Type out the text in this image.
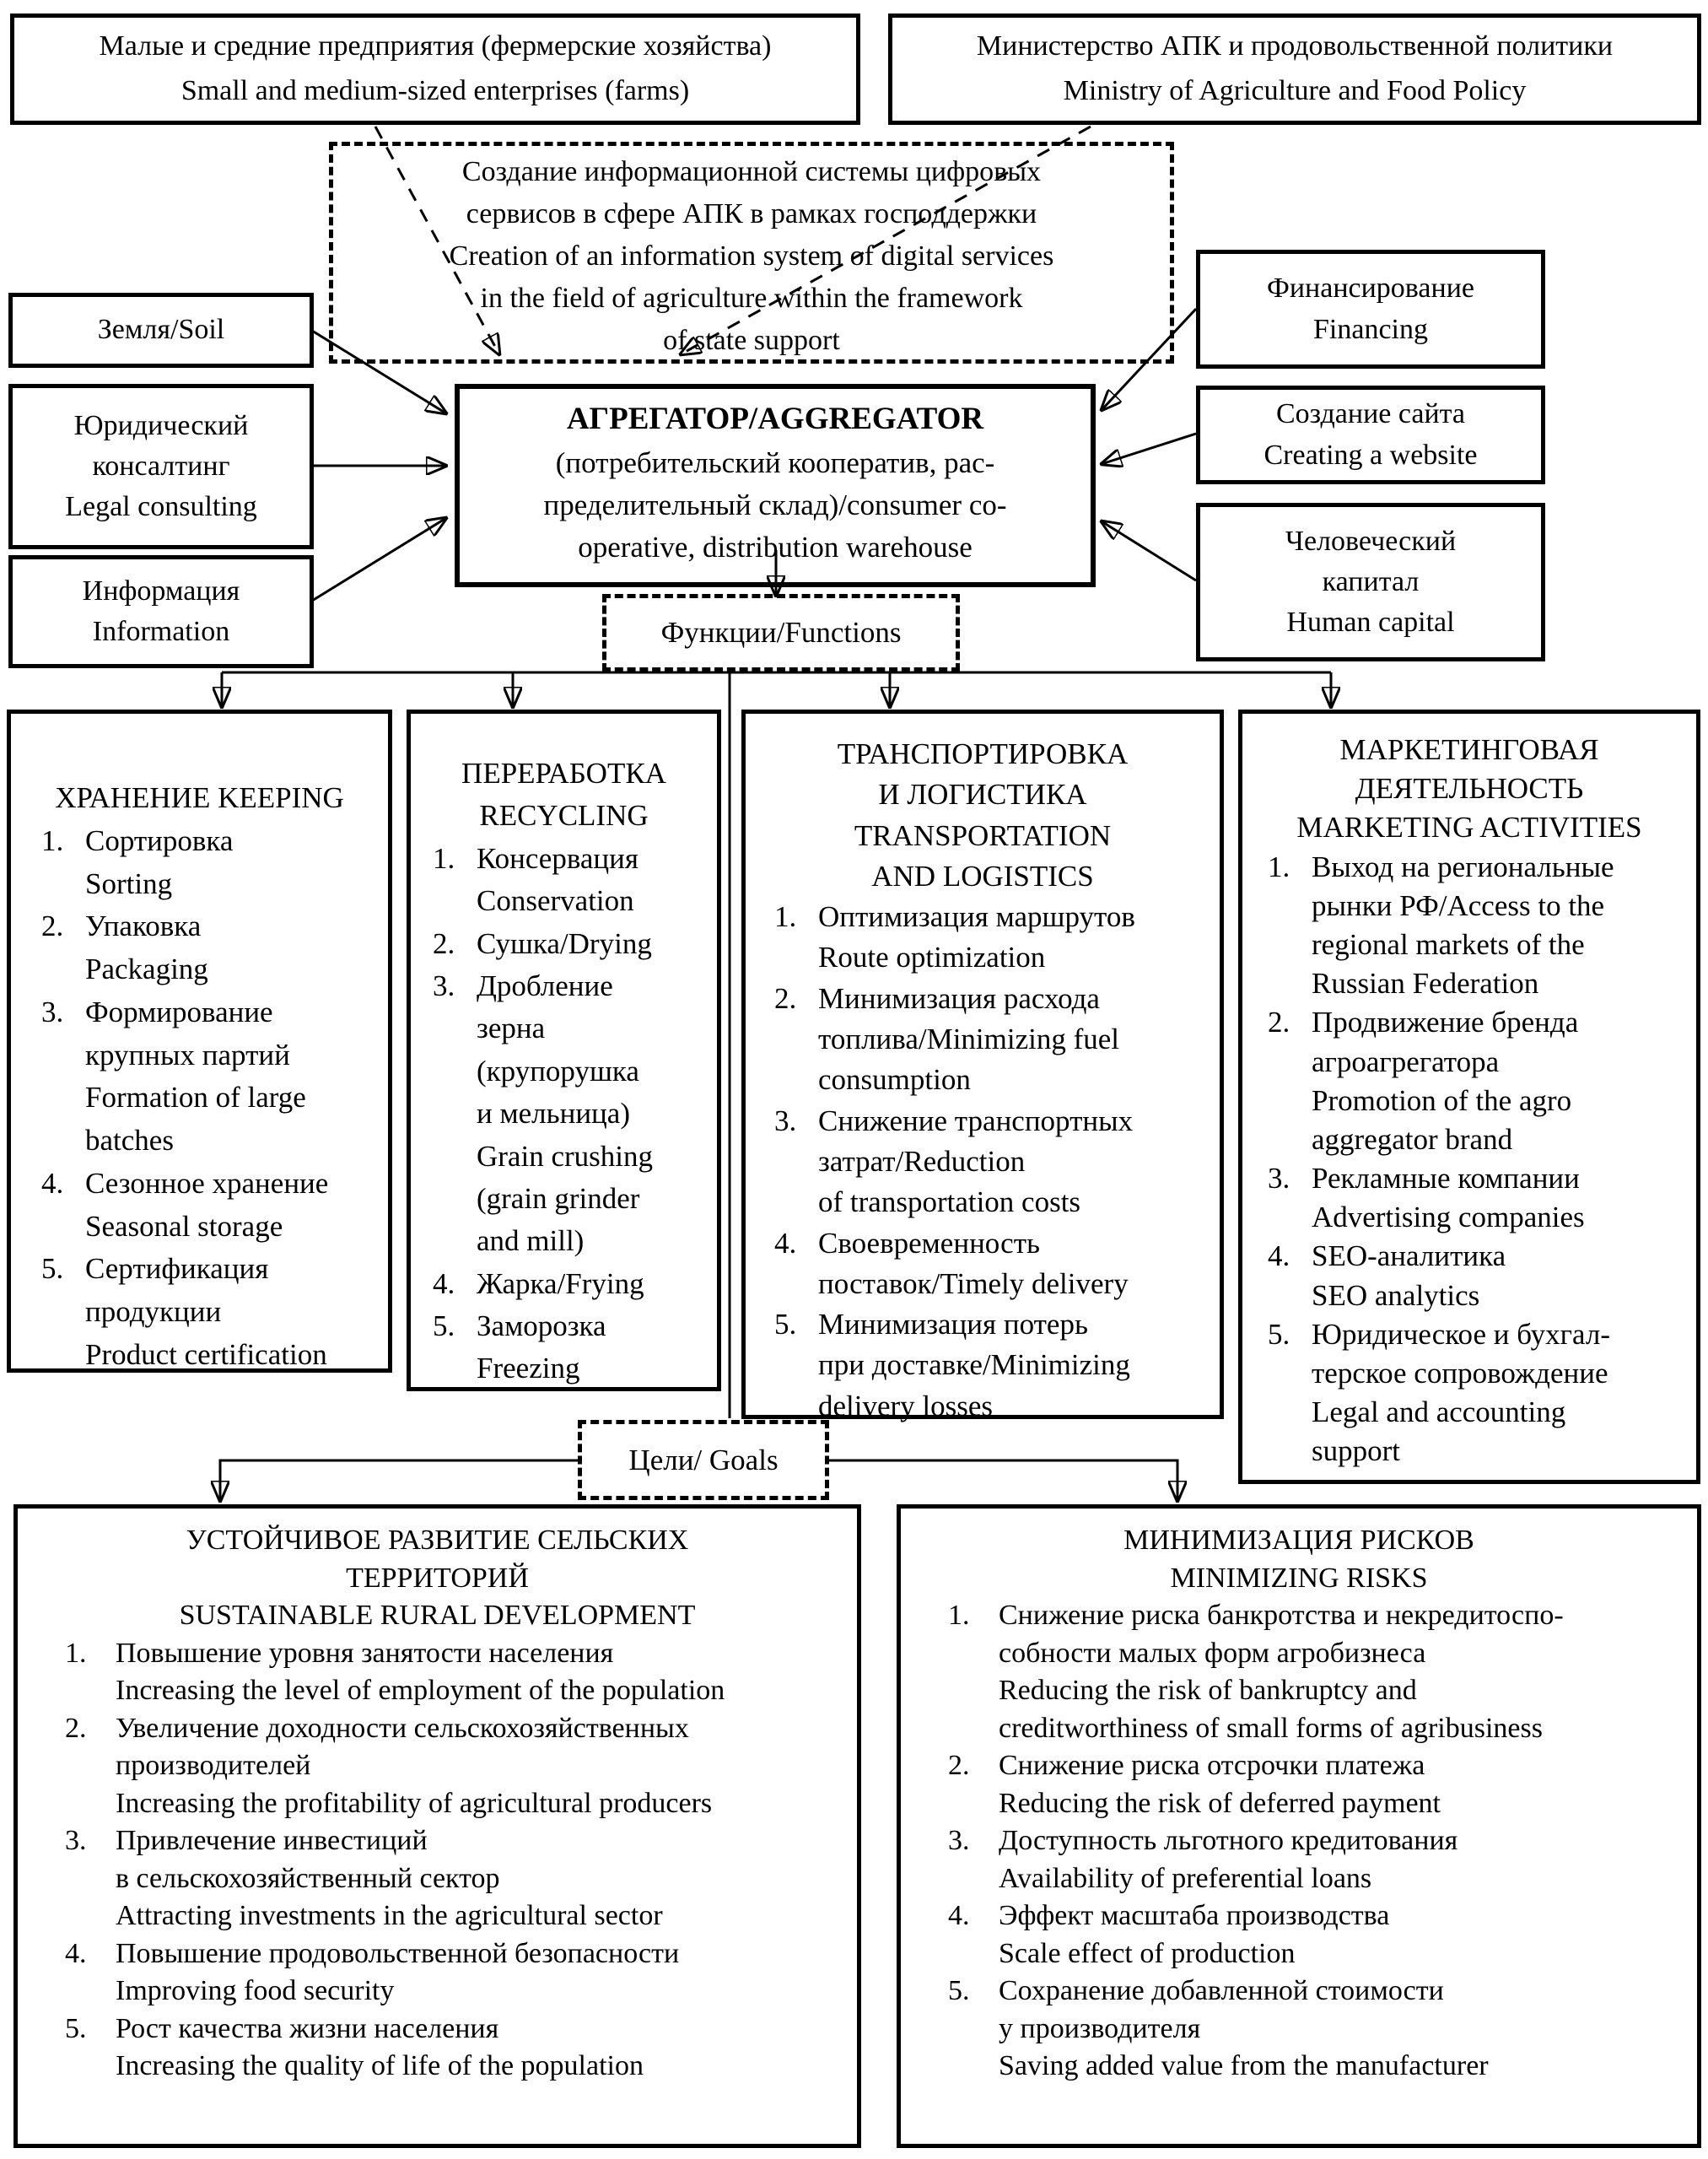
Малые и средние предприятия (фермерские хозяйства)
Small and medium-sized enterprises (farms)
Министерство АПК и продовольственной политики
Ministry of Agriculture and Food Policy
Создание информационной системы цифровых
сервисов в сфере АПК в рамках господдержки
Creation of an information system of digital services
in the field of agriculture within the framework
of state support
Земля/Soil
Юридический
консалтинг
Legal consulting
Информация
Information
АГРЕГАТОР/AGGREGATOR
(потребительский кооператив, рас-
пределительный склад)/consumer co-
operative, distribution warehouse
Финансирование
Financing
Создание сайта
Creating a website
Человеческий
капитал
Human capital
Функции/Functions
ХРАНЕНИЕ KEEPING
Сортировка
Sorting
Упаковка
Packaging
Формирование
крупных партий
Formation of large
batches
Сезонное хранение
Seasonal storage
Сертификация
продукции
Product certification
ПЕРЕРАБОТКА
RECYCLING
Консервация
Conservation
Сушка/Drying
Дробление
зерна
(крупорушка
и мельница)
Grain crushing
(grain grinder
and mill)
Жарка/Frying
Заморозка
Freezing
ТРАНСПОРТИРОВКА
И ЛОГИСТИКА
TRANSPORTATION
AND LOGISTICS
Оптимизация маршрутов
Route optimization
Минимизация расхода
топлива/Minimizing fuel
consumption
Снижение транспортных
затрат/Reduction
of transportation costs
Своевременность
поставок/Timely delivery
Минимизация потерь
при доставке/Minimizing
delivery losses
МАРКЕТИНГОВАЯ
ДЕЯТЕЛЬНОСТЬ
MARKETING ACTIVITIES
Выход на региональные
рынки РФ/Access to the
regional markets of the
Russian Federation
Продвижение бренда
агроагрегатора
Promotion of the agro
aggregator brand
Рекламные компании
Advertising companies
SEO-аналитика
SEO analytics
Юридическое и бухгал-
терское сопровождение
Legal and accounting
support
Цели/ Goals
УСТОЙЧИВОЕ РАЗВИТИЕ СЕЛЬСКИХ
ТЕРРИТОРИЙ
SUSTAINABLE RURAL DEVELOPMENT
Повышение уровня занятости населения
Increasing the level of employment of the population
Увеличение доходности сельскохозяйственных
производителей
Increasing the profitability of agricultural producers
Привлечение инвестиций
в сельскохозяйственный сектор
Attracting investments in the agricultural sector
Повышение продовольственной безопасности
Improving food security
Рост качества жизни населения
Increasing the quality of life of the population
МИНИМИЗАЦИЯ РИСКОВ
MINIMIZING RISKS
Снижение риска банкротства и некредитоспо-
собности малых форм агробизнеса
Reducing the risk of bankruptcy and
creditworthiness of small forms of agribusiness
Снижение риска отсрочки платежа
Reducing the risk of deferred payment
Доступность льготного кредитования
Availability of preferential loans
Эффект масштаба производства
Scale effect of production
Сохранение добавленной стоимости
у производителя
Saving added value from the manufacturer
